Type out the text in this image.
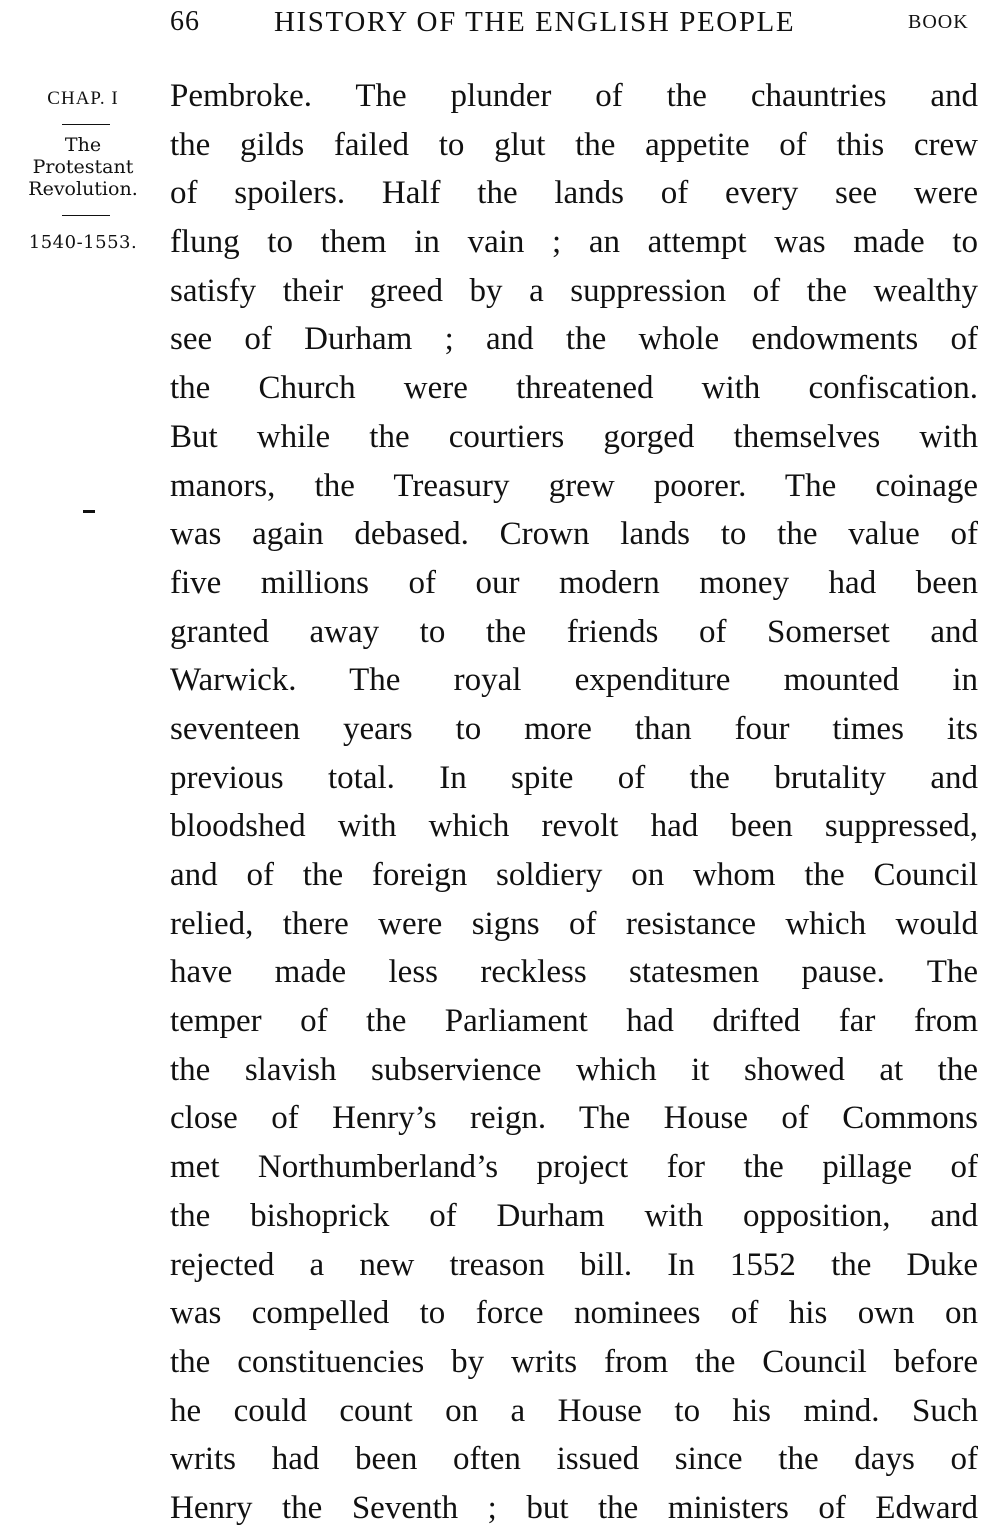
66	HISTORY OF THE ENGLISH PEOPLE	BOOK
CHAP. I
The
Protestant
Revolution.
1540-1553.
Pembroke. The plunder of the chauntries and
the gilds failed to glut the appetite of this crew
of spoilers. Half the lands of every see were
flung to them in vain ; an attempt was made to
satisfy their greed by a suppression of the wealthy
see of Durham ; and the whole endowments of
the Church were threatened with confiscation.
But while the courtiers gorged themselves with
manors, the Treasury grew poorer. The coinage
was again debased. Crown lands to the value of
five millions of our modern money had been
granted away to the friends of Somerset and
Warwick. The royal expenditure mounted in
seventeen years to more than four times its
previous total. In spite of the brutality and
bloodshed with which revolt had been suppressed,
and of the foreign soldiery on whom the Council
relied, there were signs of resistance which would
have made less reckless statesmen pause. The
temper of the Parliament had drifted far from
the slavish subservience which it showed at the
close of Henry’s reign. The House of Commons
met Northumberland’s project for the pillage of
the bishoprick of Durham with opposition, and
rejected a new treason bill. In 1552 the Duke
was compelled to force nominees of his own on
the constituencies by writs from the Council before
he could count on a House to his mind. Such
writs had been often issued since the days of
Henry the Seventh ; but the ministers of Edward
